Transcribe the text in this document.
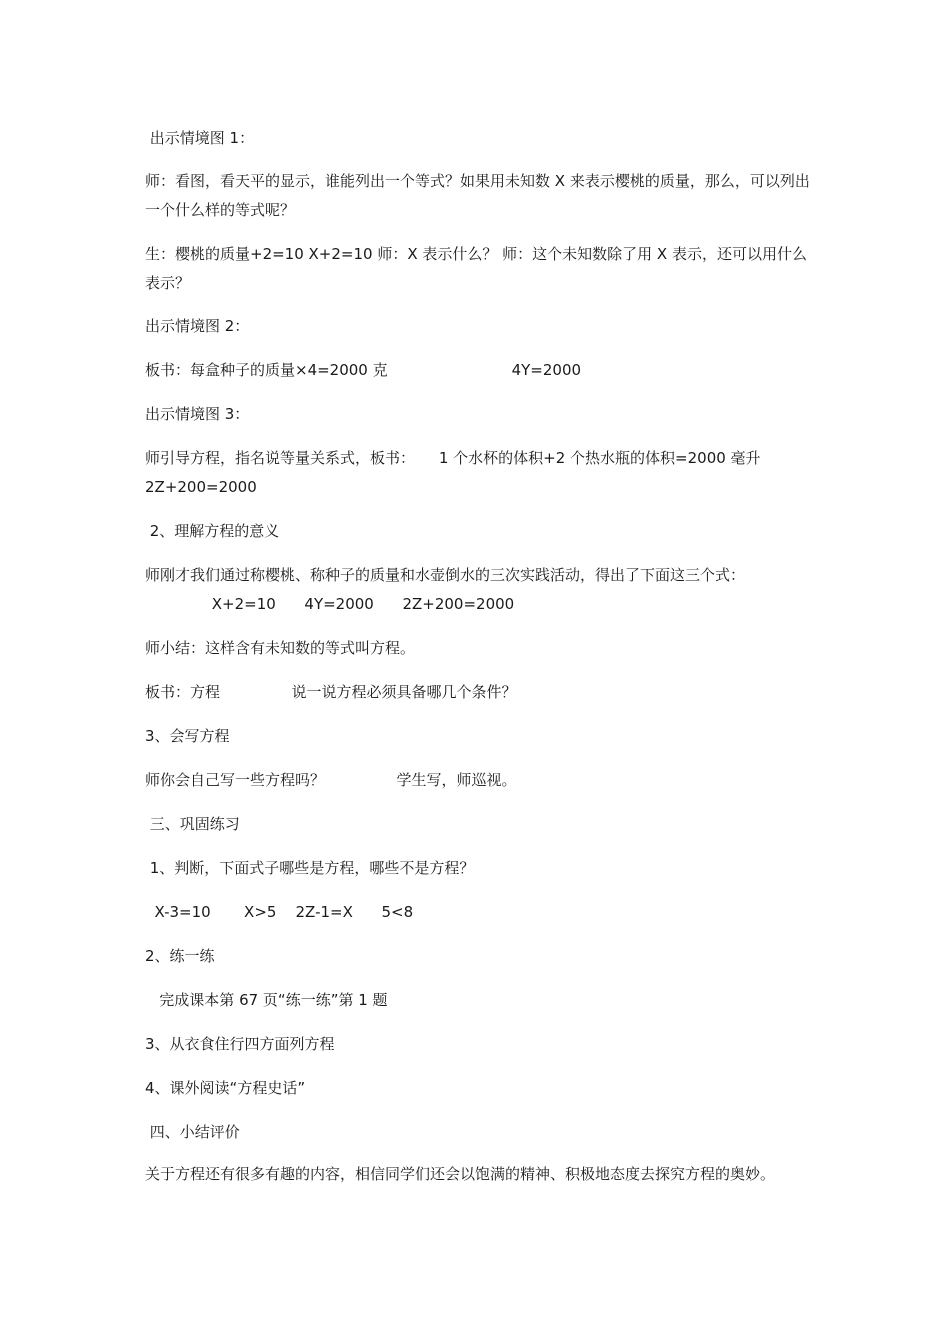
出示情境图 1：
师：看图，看天平的显示，谁能列出一个等式？如果用未知数 X 来表示樱桃的质量，那么，可以列出一个什么样的等式呢？
生：樱桃的质量+2=10 X+2=10 师：X 表示什么？ 师：这个未知数除了用 X 表示，还可以用什么表示？
出示情境图 2：
板书：每盒种子的质量×4=2000 克                          4Y=2000
出示情境图 3：
师引导方程，指名说等量关系式，板书：     1 个水杯的体积+2 个热水瓶的体积=2000 毫升
2Z+200=2000
2、理解方程的意义
师刚才我们通过称樱桃、称种子的质量和水壶倒水的三次实践活动，得出了下面这三个式：
X+2=10      4Y=2000      2Z+200=2000
师小结：这样含有未知数的等式叫方程。
板书：方程               说一说方程必须具备哪几个条件？
3、会写方程
师你会自己写一些方程吗？               学生写，师巡视。
三、巩固练习
1、判断，下面式子哪些是方程，哪些不是方程？
X-3=10       X>5    2Z-1=X      5<8
2、练一练
完成课本第 67 页“练一练”第 1 题
3、从衣食住行四方面列方程
4、课外阅读“方程史话”
四、小结评价
关于方程还有很多有趣的内容，相信同学们还会以饱满的精神、积极地态度去探究方程的奥妙。
